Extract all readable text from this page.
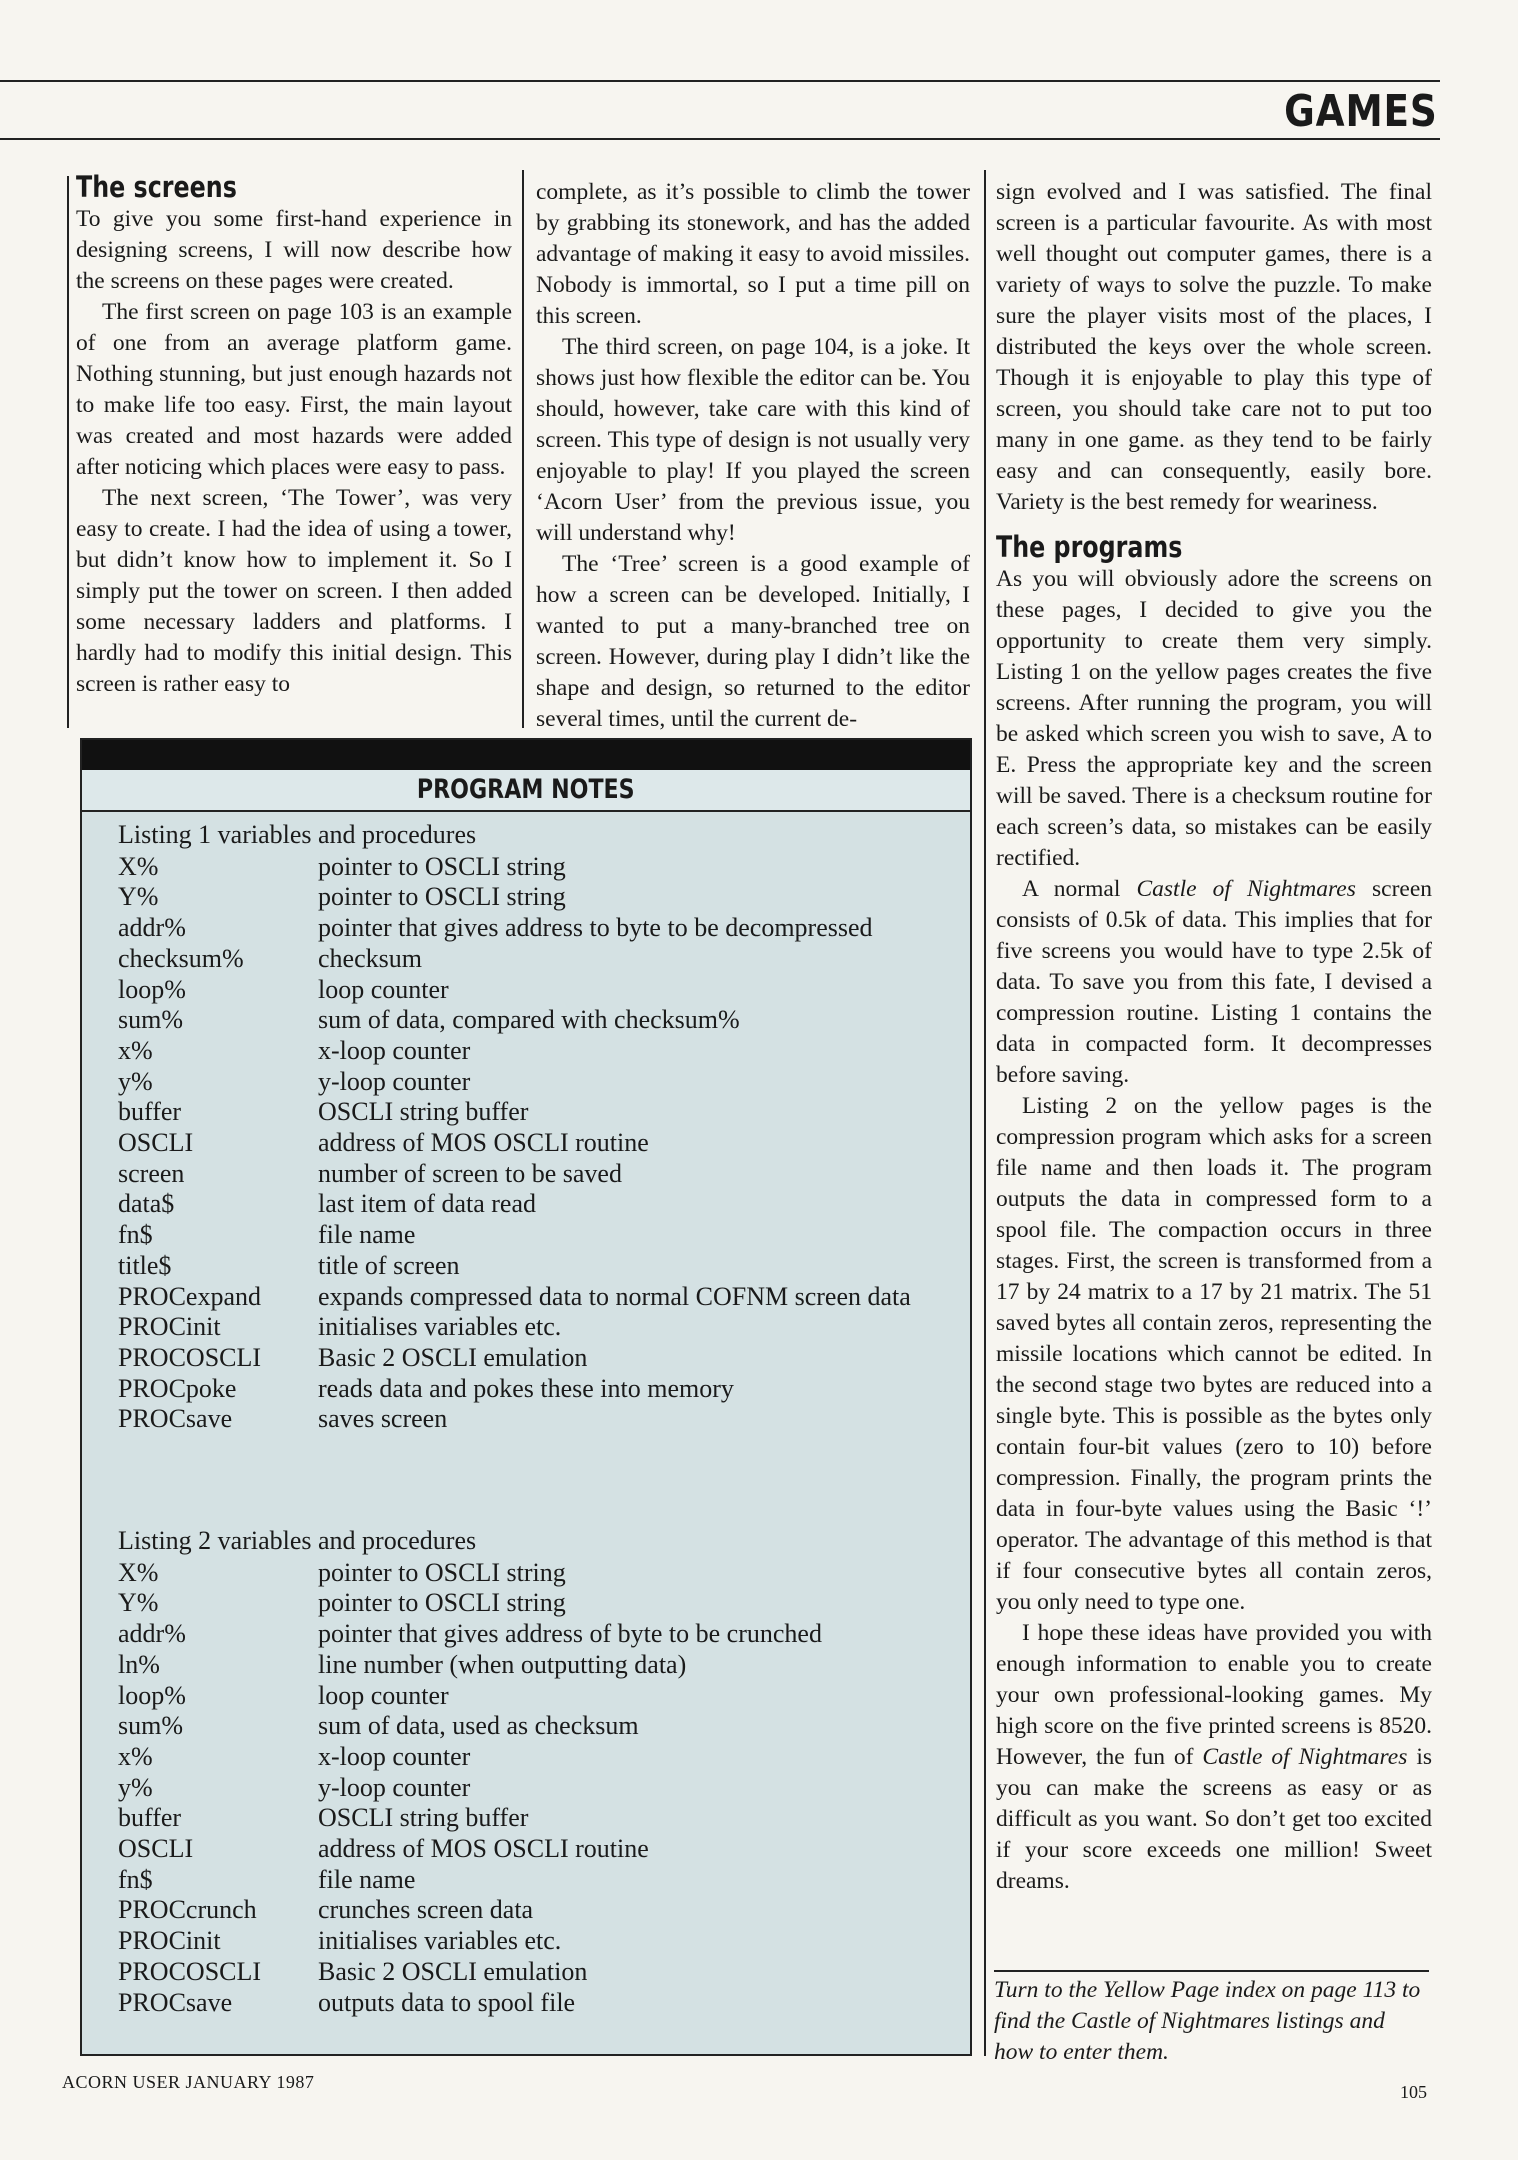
GAMES
The screens

To give you some first-hand experience in designing screens, I will now describe how the screens on these pages were created.

The first screen on page 103 is an example of one from an average platform game. Nothing stunning, but just enough hazards not to make life too easy. First, the main layout was created and most hazards were added after noticing which places were easy to pass.

The next screen, ‘The Tower’, was very easy to create. I had the idea of using a tower, but didn’t know how to implement it. So I simply put the tower on screen. I then added some necessary ladders and platforms. I hardly had to modify this initial design. This screen is rather easy to

complete, as it’s possible to climb the tower by grabbing its stonework, and has the added advantage of making it easy to avoid missiles. Nobody is immortal, so I put a time pill on this screen.

The third screen, on page 104, is a joke. It shows just how flexible the editor can be. You should, however, take care with this kind of screen. This type of design is not usually very enjoyable to play! If you played the screen ‘Acorn User’ from the previous issue, you will understand why!

The ‘Tree’ screen is a good example of how a screen can be developed. Initially, I wanted to put a many-branched tree on screen. However, during play I didn’t like the shape and design, so returned to the editor several times, until the current de-

sign evolved and I was satisfied. The final screen is a particular favourite. As with most well thought out computer games, there is a variety of ways to solve the puzzle. To make sure the player visits most of the places, I distributed the keys over the whole screen. Though it is enjoyable to play this type of screen, you should take care not to put too many in one game. as they tend to be fairly easy and can consequently, easily bore. Variety is the best remedy for weariness.

The programs

As you will obviously adore the screens on these pages, I decided to give you the opportunity to create them very simply. Listing 1 on the yellow pages creates the five screens. After running the program, you will be asked which screen you wish to save, A to E. Press the appropriate key and the screen will be saved. There is a checksum routine for each screen’s data, so mistakes can be easily rectified.

A normal Castle of Nightmares screen consists of 0.5k of data. This implies that for five screens you would have to type 2.5k of data. To save you from this fate, I devised a compression routine. Listing 1 contains the data in compacted form. It decompresses before saving.

Listing 2 on the yellow pages is the compression program which asks for a screen file name and then loads it. The program outputs the data in compressed form to a spool file. The compaction occurs in three stages. First, the screen is transformed from a 17 by 24 matrix to a 17 by 21 matrix. The 51 saved bytes all contain zeros, representing the missile locations which cannot be edited. In the second stage two bytes are reduced into a single byte. This is possible as the bytes only contain four-bit values (zero to 10) before compression. Finally, the program prints the data in four-byte values using the Basic ‘!’ operator. The advantage of this method is that if four consecutive bytes all contain zeros, you only need to type one.

I hope these ideas have provided you with enough information to enable you to create your own professional-looking games. My high score on the five printed screens is 8520. However, the fun of Castle of Nightmares is you can make the screens as easy or as difficult as you want. So don’t get too excited if your score exceeds one million! Sweet dreams.

Turn to the Yellow Page index on page 113 to find the Castle of Nightmares listings and how to enter them.
PROGRAM NOTES
Listing 1 variables and procedures
X%	pointer to OSCLI string
Y%	pointer to OSCLI string
addr%	pointer that gives address to byte to be decompressed
checksum%	checksum
loop%	loop counter
sum%	sum of data, compared with checksum%
x%	x-loop counter
y%	y-loop counter
buffer	OSCLI string buffer
OSCLI	address of MOS OSCLI routine
screen	number of screen to be saved
data$	last item of data read
fn$	file name
title$	title of screen
PROCexpand	expands compressed data to normal COFNM screen data
PROCinit	initialises variables etc.
PROCOSCLI	Basic 2 OSCLI emulation
PROCpoke	reads data and pokes these into memory
PROCsave	saves screen
Listing 2 variables and procedures
X%	pointer to OSCLI string
Y%	pointer to OSCLI string
addr%	pointer that gives address of byte to be crunched
ln%	line number (when outputting data)
loop%	loop counter
sum%	sum of data, used as checksum
x%	x-loop counter
y%	y-loop counter
buffer	OSCLI string buffer
OSCLI	address of MOS OSCLI routine
fn$	file name
PROCcrunch	crunches screen data
PROCinit	initialises variables etc.
PROCOSCLI	Basic 2 OSCLI emulation
PROCsave	outputs data to spool file
ACORN USER JANUARY 1987	105
